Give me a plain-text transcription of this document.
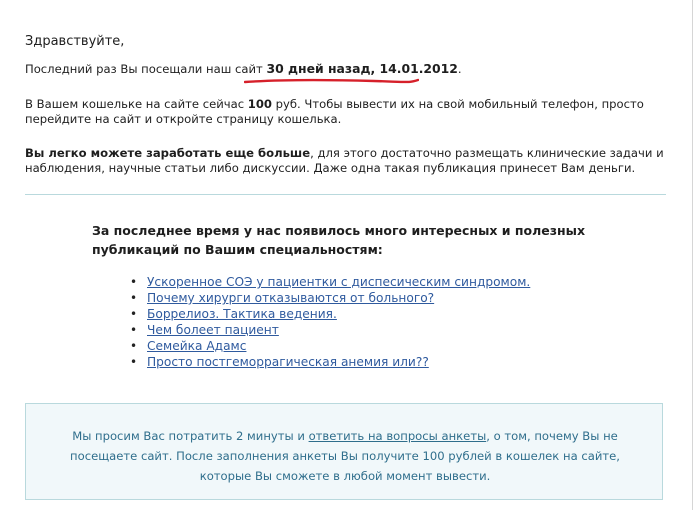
Здравствуйте,
Последний раз Вы посещали наш сайт 30 дней назад, 14.01.2012.
В Вашем кошельке на сайте сейчас 100 руб. Чтобы вывести их на свой мобильный телефон, просто перейдите на сайт и откройте страницу кошелька.
Вы легко можете заработать еще больше, для этого достаточно размещать клинические задачи и наблюдения, научные статьи либо дискуссии. Даже одна такая публикация принесет Вам деньги.
За последнее время у нас появилось много интересных и полезных публикаций по Вашим специальностям:
• Ускоренное СОЭ у пациентки с диспесическим синдромом.
• Почему хирурги отказываются от больного?
• Боррелиоз. Тактика ведения.
• Чем болеет пациент
• Семейка Адамс
• Просто постгеморрагическая анемия или??
Мы просим Вас потратить 2 минуты и ответить на вопросы анкеты, о том, почему Вы не посещаете сайт. После заполнения анкеты Вы получите 100 рублей в кошелек на сайте, которые Вы сможете в любой момент вывести.
